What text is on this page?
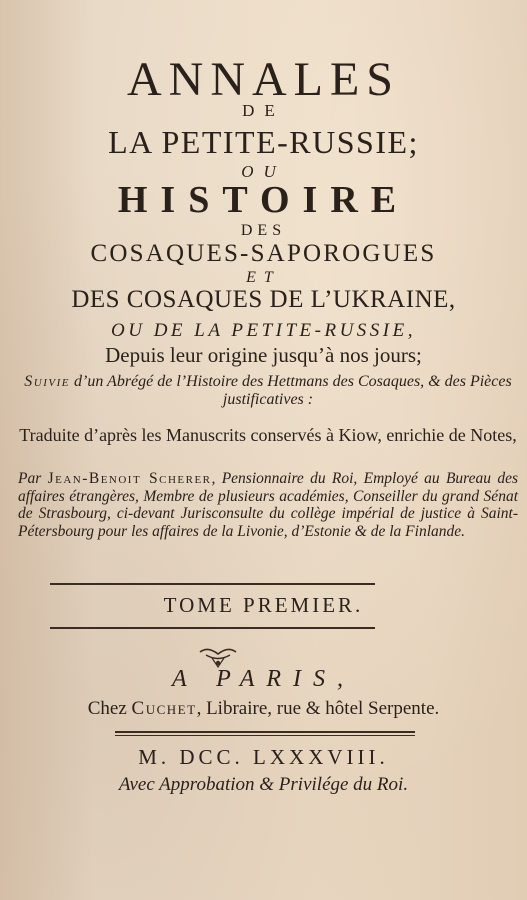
ANNALES
DE
LA PETITE-RUSSIE;
OU
HISTOIRE
DES
COSAQUES-SAPOROGUES
ET
DES COSAQUES DE L’UKRAINE,
OU DE LA PETITE-RUSSIE,
Depuis leur origine jusqu’à nos jours;
Suivie d’un Abrégé de l’Histoire des Hettmans des Cosaques, & des Pièces justificatives :
Traduite d’après les Manuscrits conservés à Kiow, enrichie de Notes,
Par Jean-Benoit Scherer, Pensionnaire du Roi, Employé au Bureau des affaires étrangères, Membre de plusieurs académies, Conseiller du grand Sénat de Strasbourg, ci-devant Jurisconsulte du collège impérial de justice à Saint-Pétersbourg pour les affaires de la Livonie, d’Estonie & de la Finlande.
TOME PREMIER.
A PARIS,
Chez Cuchet, Libraire, rue & hôtel Serpente.
M. DCC. LXXXVIII.
Avec Approbation & Privilége du Roi.
